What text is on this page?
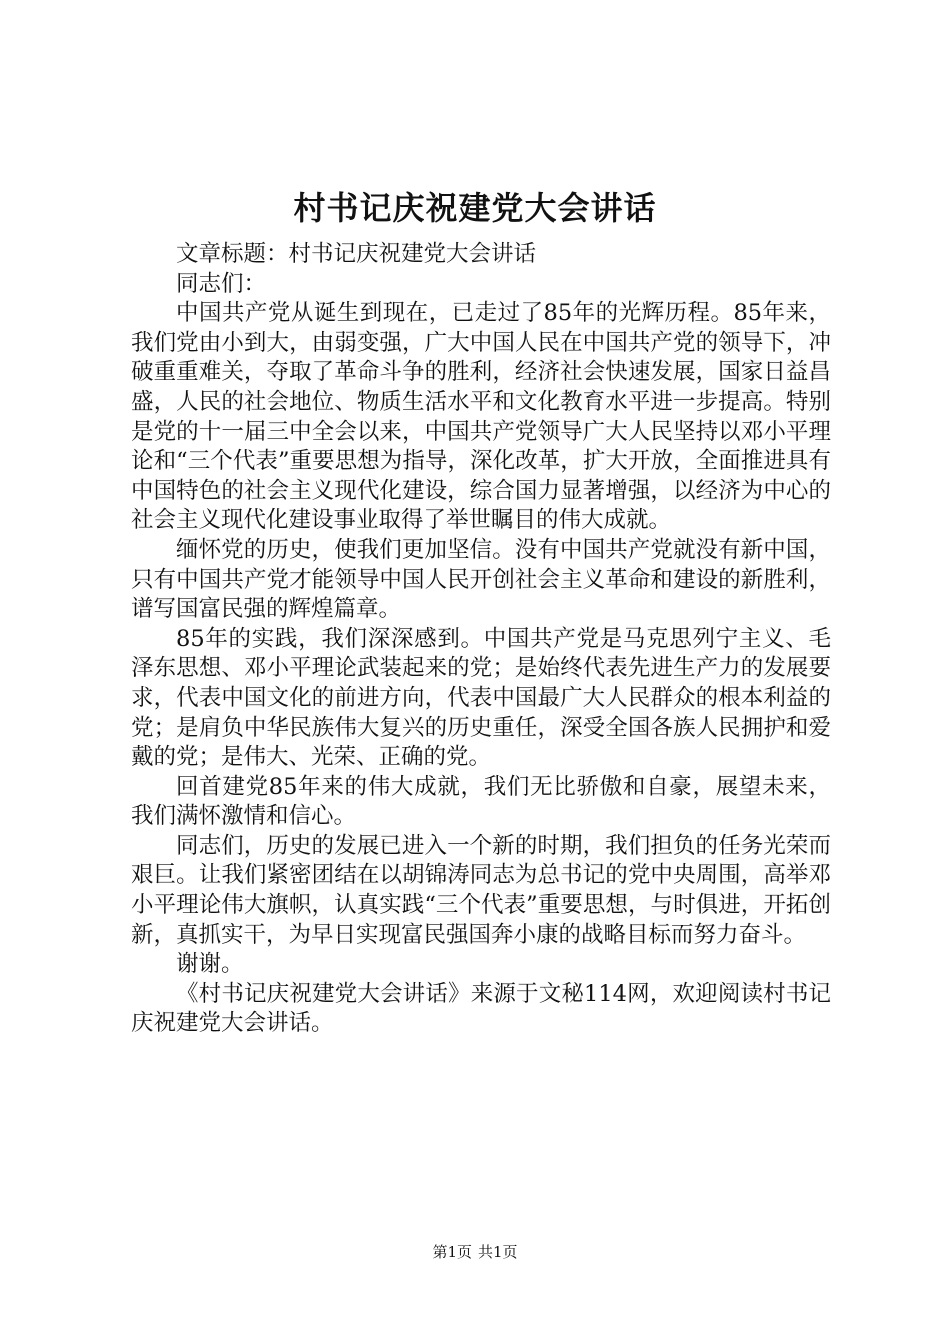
村书记庆祝建党大会讲话

文章标题：村书记庆祝建党大会讲话

同志们：

中国共产党从诞生到现在，已走过了85年的光辉历程。85年来，我们党由小到大，由弱变强，广大中国人民在中国共产党的领导下，冲破重重难关，夺取了革命斗争的胜利，经济社会快速发展，国家日益昌盛，人民的社会地位、物质生活水平和文化教育水平进一步提高。特别是党的十一届三中全会以来，中国共产党领导广大人民坚持以邓小平理论和“三个代表”重要思想为指导，深化改革，扩大开放，全面推进具有中国特色的社会主义现代化建设，综合国力显著增强，以经济为中心的社会主义现代化建设事业取得了举世瞩目的伟大成就。

缅怀党的历史，使我们更加坚信。没有中国共产党就没有新中国，只有中国共产党才能领导中国人民开创社会主义革命和建设的新胜利，谱写国富民强的辉煌篇章。

85年的实践，我们深深感到。中国共产党是马克思列宁主义、毛泽东思想、邓小平理论武装起来的党；是始终代表先进生产力的发展要求，代表中国文化的前进方向，代表中国最广大人民群众的根本利益的党；是肩负中华民族伟大复兴的历史重任，深受全国各族人民拥护和爱戴的党；是伟大、光荣、正确的党。

回首建党85年来的伟大成就，我们无比骄傲和自豪，展望未来，我们满怀激情和信心。

同志们，历史的发展已进入一个新的时期，我们担负的任务光荣而艰巨。让我们紧密团结在以胡锦涛同志为总书记的党中央周围，高举邓小平理论伟大旗帜，认真实践“三个代表”重要思想，与时俱进，开拓创新，真抓实干，为早日实现富民强国奔小康的战略目标而努力奋斗。

谢谢。

《村书记庆祝建党大会讲话》来源于文秘114网，欢迎阅读村书记庆祝建党大会讲话。

第1页 共1页
